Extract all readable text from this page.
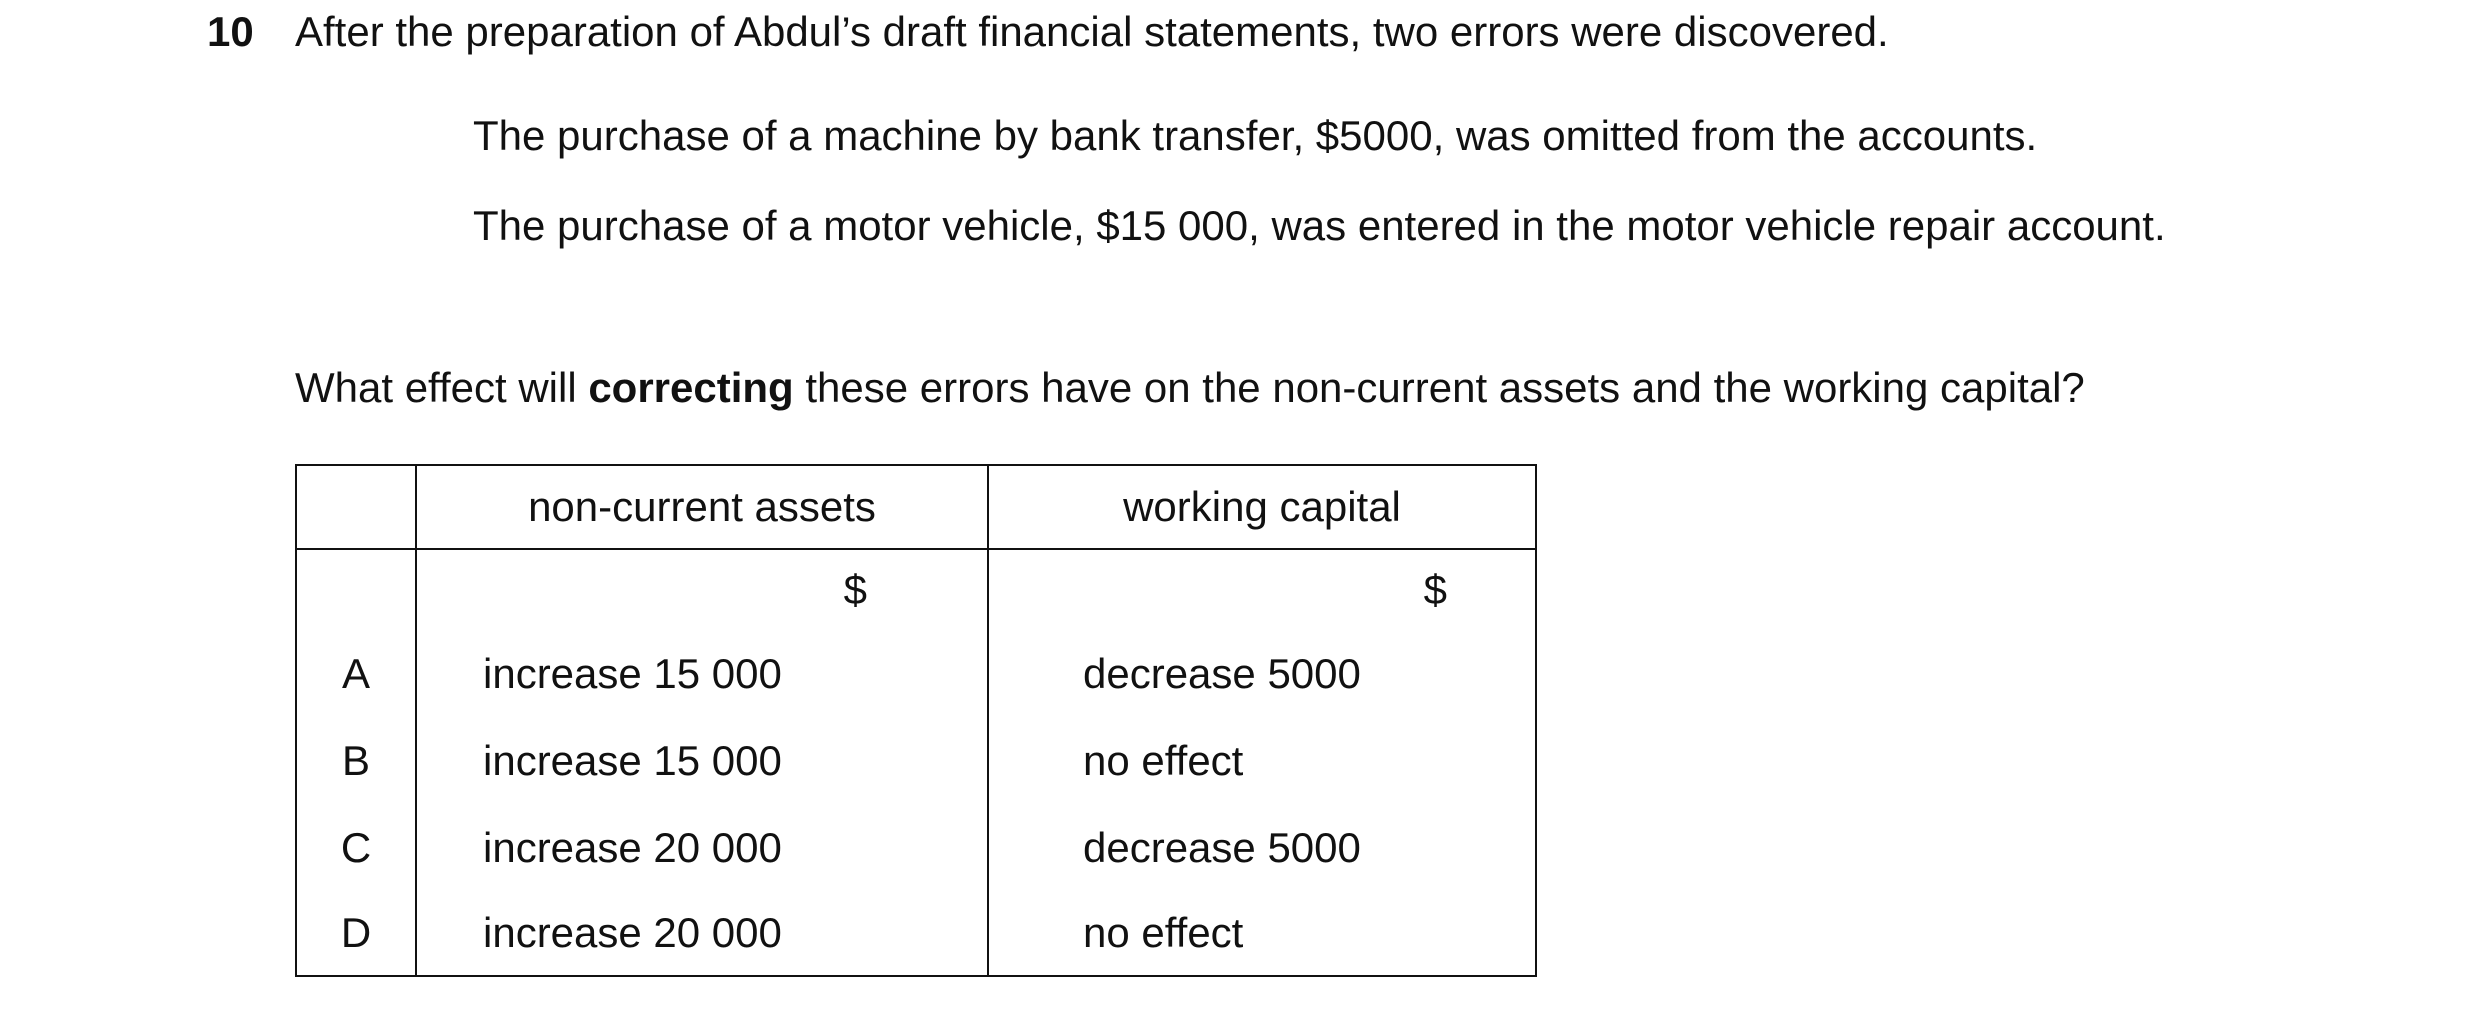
10 After the preparation of Abdul’s draft financial statements, two errors were discovered.
The purchase of a machine by bank transfer, $5000, was omitted from the accounts.
The purchase of a motor vehicle, $15 000, was entered in the motor vehicle repair account.
What effect will correcting these errors have on the non-current assets and the working capital?
	non-current assets	working capital
	$	$
A	increase 15 000	decrease 5000
B	increase 15 000	no effect
C	increase 20 000	decrease 5000
D	increase 20 000	no effect
